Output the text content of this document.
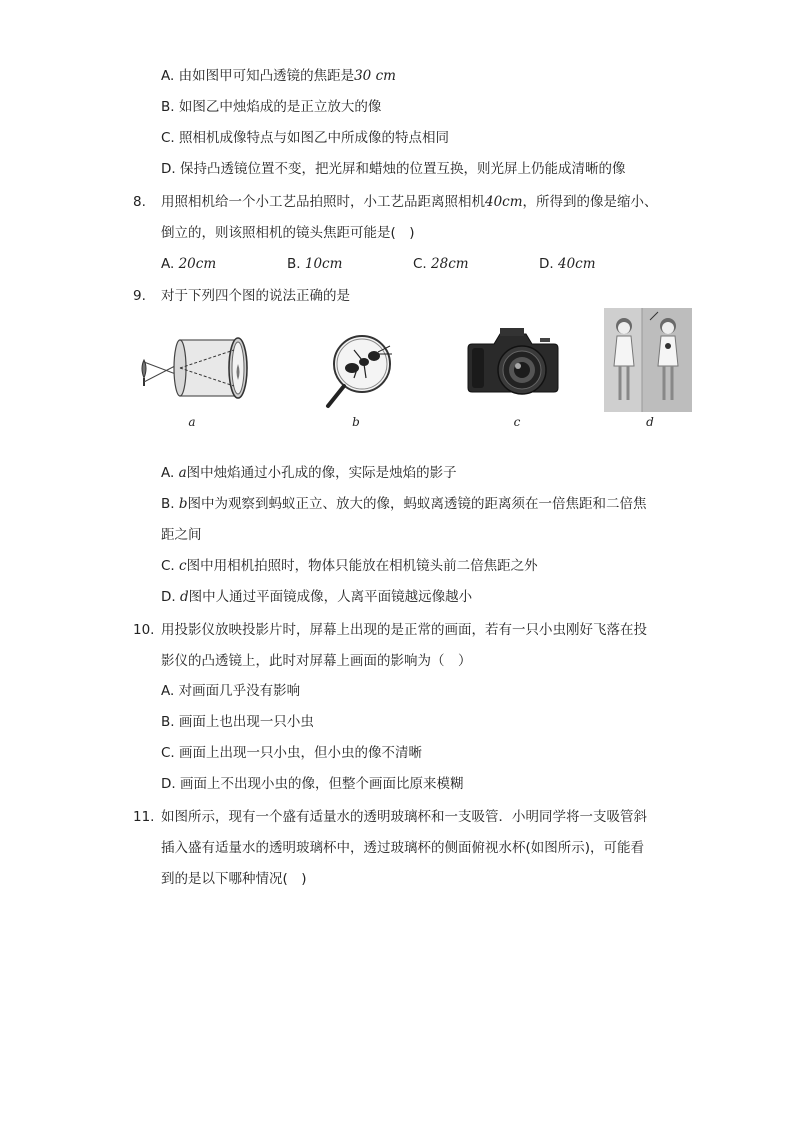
A. 由如图甲可知凸透镜的焦距是30 cm
B. 如图乙中烛焰成的是正立放大的像
C. 照相机成像特点与如图乙中所成像的特点相同
D. 保持凸透镜位置不变，把光屏和蜡烛的位置互换，则光屏上仍能成清晰的像
8. 用照相机给一个小工艺品拍照时，小工艺品距离照相机40cm，所得到的像是缩小、
倒立的，则该照相机的镜头焦距可能是(　)
A. 20cm	B. 10cm	C. 28cm	D. 40cm
9. 对于下列四个图的说法正确的是
a	b	c	d
A. a图中烛焰通过小孔成的像，实际是烛焰的影子
B. b图中为观察到蚂蚁正立、放大的像，蚂蚁离透镜的距离须在一倍焦距和二倍焦
距之间
C. c图中用相机拍照时，物体只能放在相机镜头前二倍焦距之外
D. d图中人通过平面镜成像，人离平面镜越远像越小
10. 用投影仪放映投影片时，屏幕上出现的是正常的画面，若有一只小虫刚好飞落在投
影仪的凸透镜上，此时对屏幕上画面的影响为（　）
A. 对画面几乎没有影响
B. 画面上也出现一只小虫
C. 画面上出现一只小虫，但小虫的像不清晰
D. 画面上不出现小虫的像，但整个画面比原来模糊
11. 如图所示，现有一个盛有适量水的透明玻璃杯和一支吸管．小明同学将一支吸管斜
插入盛有适量水的透明玻璃杯中，透过玻璃杯的侧面俯视水杯(如图所示)，可能看
到的是以下哪种情况(　)
